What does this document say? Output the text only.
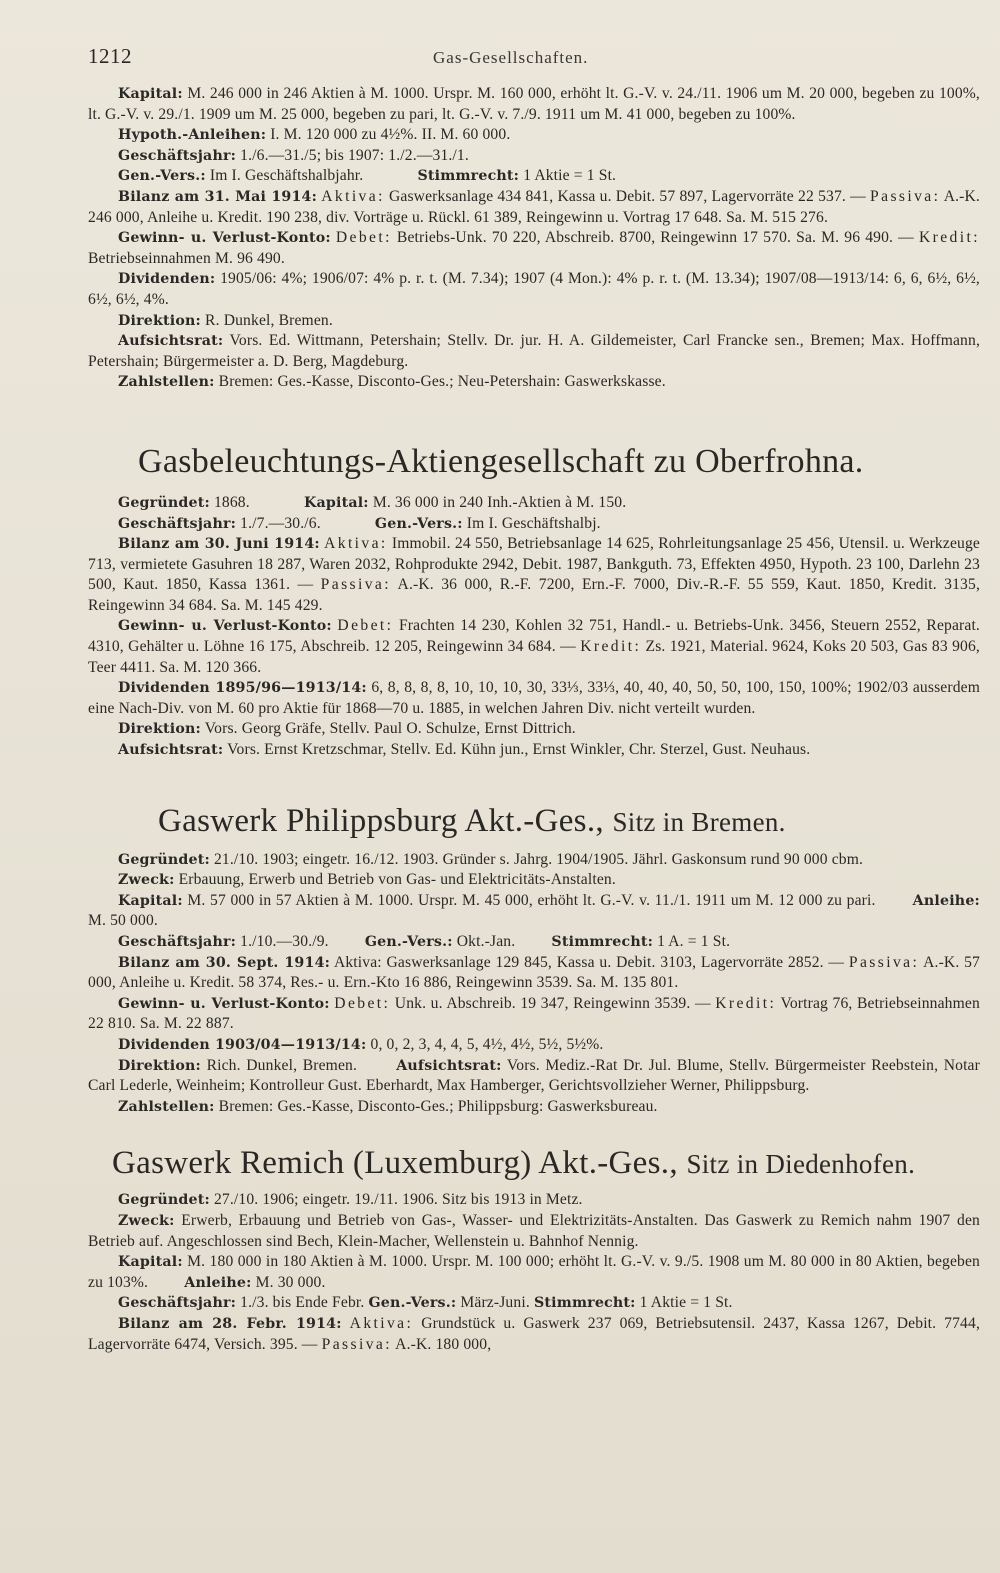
1212	Gas-Gesellschaften.

Kapital: M. 246 000 in 246 Aktien à M. 1000. Urspr. M. 160 000, erhöht lt. G.-V. v. 24./11. 1906 um M. 20 000, begeben zu 100%, lt. G.-V. v. 29./1. 1909 um M. 25 000, begeben zu pari, lt. G.-V. v. 7./9. 1911 um M. 41 000, begeben zu 100%.

Hypoth.-Anleihen: I. M. 120 000 zu 4½%. II. M. 60 000.

Geschäftsjahr: 1./6.—31./5; bis 1907: 1./2.—31./1.

Gen.-Vers.: Im I. Geschäftshalbjahr.	Stimmrecht: 1 Aktie = 1 St.

Bilanz am 31. Mai 1914: Aktiva: Gaswerksanlage 434 841, Kassa u. Debit. 57 897, Lagervorräte 22 537. — Passiva: A.-K. 246 000, Anleihe u. Kredit. 190 238, div. Vorträge u. Rückl. 61 389, Reingewinn u. Vortrag 17 648. Sa. M. 515 276.

Gewinn- u. Verlust-Konto: Debet: Betriebs-Unk. 70 220, Abschreib. 8700, Reingewinn 17 570. Sa. M. 96 490. — Kredit: Betriebseinnahmen M. 96 490.

Dividenden: 1905/06: 4%; 1906/07: 4% p. r. t. (M. 7.34); 1907 (4 Mon.): 4% p. r. t. (M. 13.34); 1907/08—1913/14: 6, 6, 6½, 6½, 6½, 6½, 4%.

Direktion: R. Dunkel, Bremen.

Aufsichtsrat: Vors. Ed. Wittmann, Petershain; Stellv. Dr. jur. H. A. Gildemeister, Carl Francke sen., Bremen; Max. Hoffmann, Petershain; Bürgermeister a. D. Berg, Magdeburg.

Zahlstellen: Bremen: Ges.-Kasse, Disconto-Ges.; Neu-Petershain: Gaswerkskasse.

Gasbeleuchtungs-Aktiengesellschaft zu Oberfrohna.

Gegründet: 1868.	Kapital: M. 36 000 in 240 Inh.-Aktien à M. 150.

Geschäftsjahr: 1./7.—30./6.	Gen.-Vers.: Im I. Geschäftshalbj.

Bilanz am 30. Juni 1914: Aktiva: Immobil. 24 550, Betriebsanlage 14 625, Rohrleitungsanlage 25 456, Utensil. u. Werkzeuge 713, vermietete Gasuhren 18 287, Waren 2032, Rohprodukte 2942, Debit. 1987, Bankguth. 73, Effekten 4950, Hypoth. 23 100, Darlehn 23 500, Kaut. 1850, Kassa 1361. — Passiva: A.-K. 36 000, R.-F. 7200, Ern.-F. 7000, Div.-R.-F. 55 559, Kaut. 1850, Kredit. 3135, Reingewinn 34 684. Sa. M. 145 429.

Gewinn- u. Verlust-Konto: Debet: Frachten 14 230, Kohlen 32 751, Handl.- u. Betriebs-Unk. 3456, Steuern 2552, Reparat. 4310, Gehälter u. Löhne 16 175, Abschreib. 12 205, Reingewinn 34 684. — Kredit: Zs. 1921, Material. 9624, Koks 20 503, Gas 83 906, Teer 4411. Sa. M. 120 366.

Dividenden 1895/96—1913/14: 6, 8, 8, 8, 8, 10, 10, 10, 30, 33⅓, 33⅓, 40, 40, 40, 50, 50, 100, 150, 100%; 1902/03 ausserdem eine Nach-Div. von M. 60 pro Aktie für 1868—70 u. 1885, in welchen Jahren Div. nicht verteilt wurden.

Direktion: Vors. Georg Gräfe, Stellv. Paul O. Schulze, Ernst Dittrich.

Aufsichtsrat: Vors. Ernst Kretzschmar, Stellv. Ed. Kühn jun., Ernst Winkler, Chr. Sterzel, Gust. Neuhaus.

Gaswerk Philippsburg Akt.-Ges., Sitz in Bremen.

Gegründet: 21./10. 1903; eingetr. 16./12. 1903. Gründer s. Jahrg. 1904/1905. Jährl. Gaskonsum rund 90 000 cbm.

Zweck: Erbauung, Erwerb und Betrieb von Gas- und Elektricitäts-Anstalten.

Kapital: M. 57 000 in 57 Aktien à M. 1000. Urspr. M. 45 000, erhöht lt. G.-V. v. 11./1. 1911 um M. 12 000 zu pari.	Anleihe: M. 50 000.

Geschäftsjahr: 1./10.—30./9.	Gen.-Vers.: Okt.-Jan.	Stimmrecht: 1 A. = 1 St.

Bilanz am 30. Sept. 1914: Aktiva: Gaswerksanlage 129 845, Kassa u. Debit. 3103, Lagervorräte 2852. — Passiva: A.-K. 57 000, Anleihe u. Kredit. 58 374, Res.- u. Ern.-Kto 16 886, Reingewinn 3539. Sa. M. 135 801.

Gewinn- u. Verlust-Konto: Debet: Unk. u. Abschreib. 19 347, Reingewinn 3539. — Kredit: Vortrag 76, Betriebseinnahmen 22 810. Sa. M. 22 887.

Dividenden 1903/04—1913/14: 0, 0, 2, 3, 4, 4, 5, 4½, 4½, 5½, 5½%.

Direktion: Rich. Dunkel, Bremen.	Aufsichtsrat: Vors. Mediz.-Rat Dr. Jul. Blume, Stellv. Bürgermeister Reebstein, Notar Carl Lederle, Weinheim; Kontrolleur Gust. Eberhardt, Max Hamberger, Gerichtsvollzieher Werner, Philippsburg.

Zahlstellen: Bremen: Ges.-Kasse, Disconto-Ges.; Philippsburg: Gaswerksbureau.

Gaswerk Remich (Luxemburg) Akt.-Ges., Sitz in Diedenhofen.

Gegründet: 27./10. 1906; eingetr. 19./11. 1906. Sitz bis 1913 in Metz.

Zweck: Erwerb, Erbauung und Betrieb von Gas-, Wasser- und Elektrizitäts-Anstalten. Das Gaswerk zu Remich nahm 1907 den Betrieb auf. Angeschlossen sind Bech, Klein-Macher, Wellenstein u. Bahnhof Nennig.

Kapital: M. 180 000 in 180 Aktien à M. 1000. Urspr. M. 100 000; erhöht lt. G.-V. v. 9./5. 1908 um M. 80 000 in 80 Aktien, begeben zu 103%.	Anleihe: M. 30 000.

Geschäftsjahr: 1./3. bis Ende Febr. Gen.-Vers.: März-Juni. Stimmrecht: 1 Aktie = 1 St.

Bilanz am 28. Febr. 1914: Aktiva: Grundstück u. Gaswerk 237 069, Betriebsutensil. 2437, Kassa 1267, Debit. 7744, Lagervorräte 6474, Versich. 395. — Passiva: A.-K. 180 000,
